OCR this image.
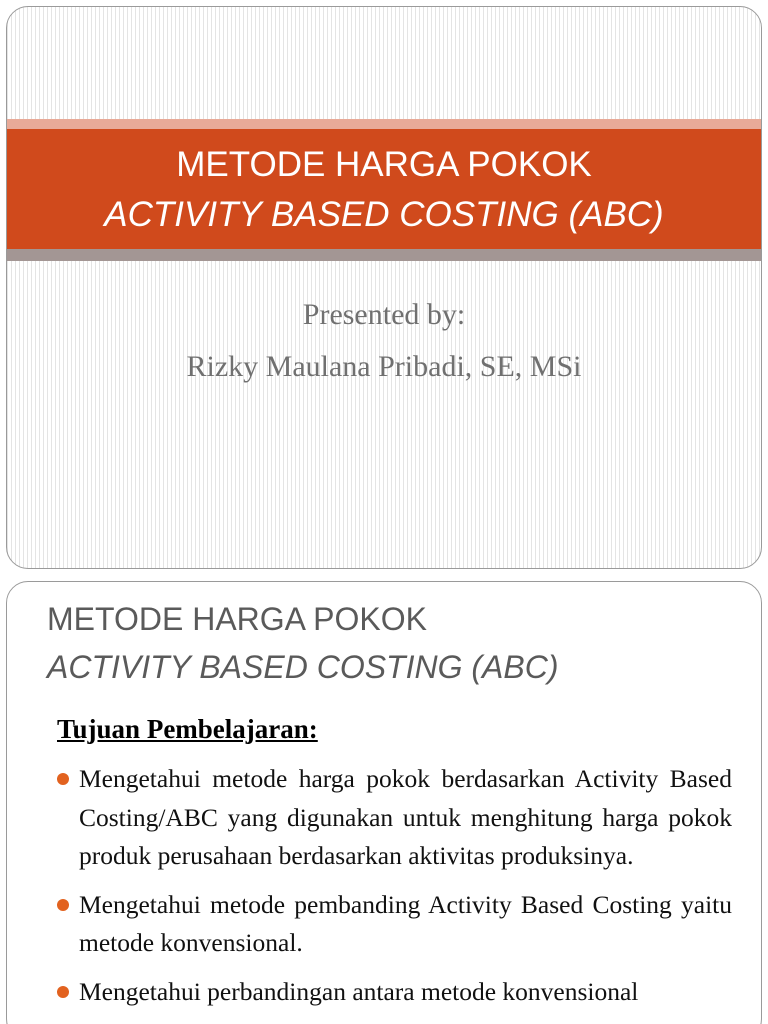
METODE HARGA POKOK
ACTIVITY BASED COSTING (ABC)
Presented by:
Rizky Maulana Pribadi, SE, MSi
METODE HARGA POKOK
ACTIVITY BASED COSTING (ABC)
Tujuan Pembelajaran:
Mengetahui metode harga pokok berdasarkan Activity Based Costing/ABC yang digunakan untuk menghitung harga pokok produk perusahaan berdasarkan aktivitas produksinya.
Mengetahui metode pembanding Activity Based Costing yaitu metode konvensional.
Mengetahui perbandingan antara metode konvensional
